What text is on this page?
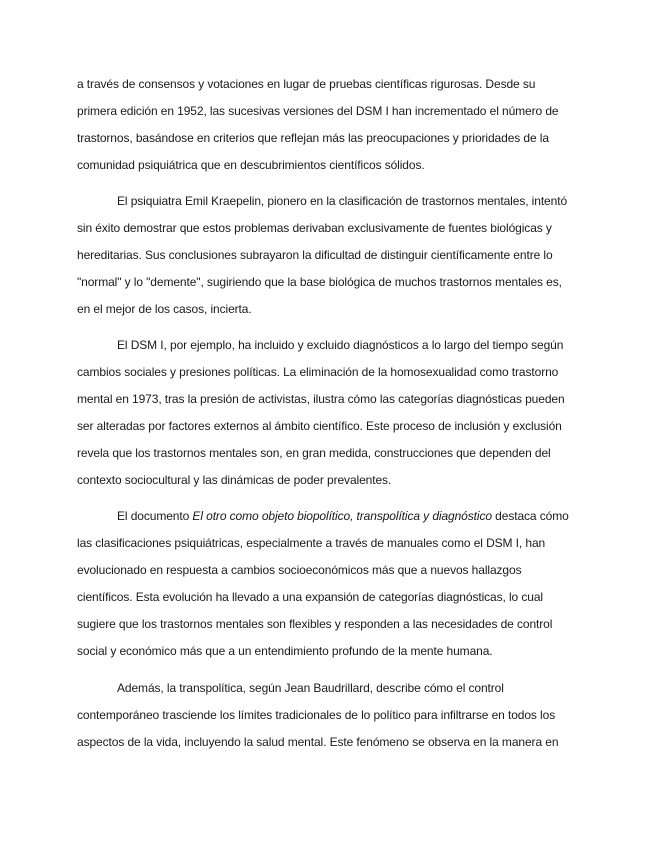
a través de consensos y votaciones en lugar de pruebas científicas rigurosas. Desde su
primera edición en 1952, las sucesivas versiones del DSM I han incrementado el número de
trastornos, basándose en criterios que reflejan más las preocupaciones y prioridades de la
comunidad psiquiátrica que en descubrimientos científicos sólidos.
El psiquiatra Emil Kraepelin, pionero en la clasificación de trastornos mentales, intentó
sin éxito demostrar que estos problemas derivaban exclusivamente de fuentes biológicas y
hereditarias. Sus conclusiones subrayaron la dificultad de distinguir científicamente entre lo
"normal" y lo "demente", sugiriendo que la base biológica de muchos trastornos mentales es,
en el mejor de los casos, incierta.
El DSM I, por ejemplo, ha incluido y excluido diagnósticos a lo largo del tiempo según
cambios sociales y presiones políticas. La eliminación de la homosexualidad como trastorno
mental en 1973, tras la presión de activistas, ilustra cómo las categorías diagnósticas pueden
ser alteradas por factores externos al ámbito científico. Este proceso de inclusión y exclusión
revela que los trastornos mentales son, en gran medida, construcciones que dependen del
contexto sociocultural y las dinámicas de poder prevalentes.
El documento El otro como objeto biopolítico, transpolítica y diagnóstico destaca cómo
las clasificaciones psiquiátricas, especialmente a través de manuales como el DSM I, han
evolucionado en respuesta a cambios socioeconómicos más que a nuevos hallazgos
científicos. Esta evolución ha llevado a una expansión de categorías diagnósticas, lo cual
sugiere que los trastornos mentales son flexibles y responden a las necesidades de control
social y económico más que a un entendimiento profundo de la mente humana.
Además, la transpolítica, según Jean Baudrillard, describe cómo el control
contemporáneo trasciende los límites tradicionales de lo político para infiltrarse en todos los
aspectos de la vida, incluyendo la salud mental. Este fenómeno se observa en la manera en
